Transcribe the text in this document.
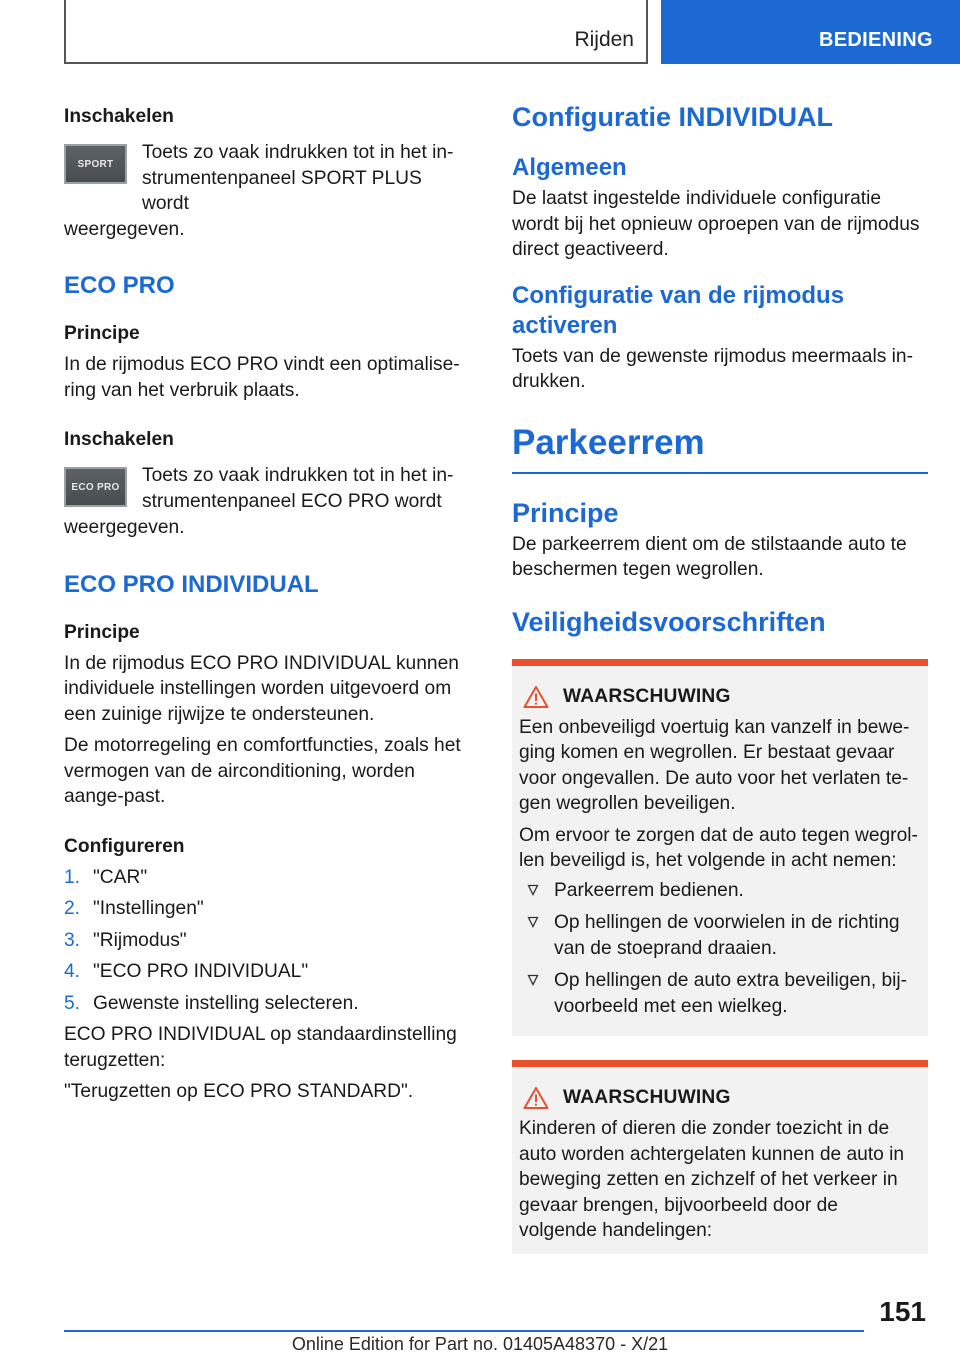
Rijden	BEDIENING
Inschakelen
SPORT

Toets zo vaak indrukken tot in het in-

strumentenpaneel SPORT PLUS wordt

weergegeven.

ECO PRO
Principe

In de rijmodus ECO PRO vindt een optimalise-ring van het verbruik plaats.

Inschakelen
ECO PRO

Toets zo vaak indrukken tot in het in-

strumentenpaneel ECO PRO wordt

weergegeven.

ECO PRO INDIVIDUAL
Principe

In de rijmodus ECO PRO INDIVIDUAL kunnen individuele instellingen worden uitgevoerd om een zuinige rijwijze te ondersteunen.

De motorregeling en comfortfuncties, zoals het vermogen van de airconditioning, worden aange-past.

Configureren
1. "CAR"
2. "Instellingen"
3. "Rijmodus"
4. "ECO PRO INDIVIDUAL"
5. Gewenste instelling selecteren.

ECO PRO INDIVIDUAL op standaardinstelling terugzetten:

"Terugzetten op ECO PRO STANDARD".

Configuratie INDIVIDUAL
Algemeen

De laatst ingestelde individuele configuratie wordt bij het opnieuw oproepen van de rijmodus direct geactiveerd.

Configuratie van de rijmodus activeren

Toets van de gewenste rijmodus meermaals in-drukken.

Parkeerrem
Principe

De parkeerrem dient om de stilstaande auto te beschermen tegen wegrollen.

Veiligheidsvoorschriften
WAARSCHUWING

Een onbeveiligd voertuig kan vanzelf in bewe-ging komen en wegrollen. Er bestaat gevaar voor ongevallen. De auto voor het verlaten te-gen wegrollen beveiligen.

Om ervoor te zorgen dat de auto tegen wegrol-len beveiligd is, het volgende in acht nemen:

Parkeerrem bedienen.
Op hellingen de voorwielen in de richting van de stoeprand draaien.
Op hellingen de auto extra beveiligen, bij-voorbeeld met een wielkeg.
WAARSCHUWING

Kinderen of dieren die zonder toezicht in de auto worden achtergelaten kunnen de auto in beweging zetten en zichzelf of het verkeer in gevaar brengen, bijvoorbeeld door de volgende handelingen:

151
Online Edition for Part no. 01405A48370 - X/21
